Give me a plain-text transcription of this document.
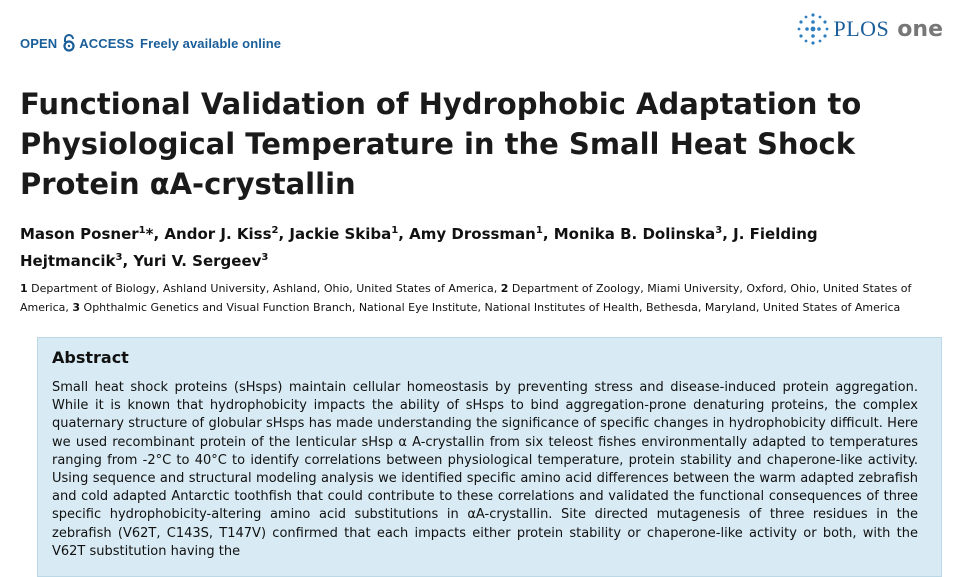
OPEN ACCESS Freely available online
PLOS one
Functional Validation of Hydrophobic Adaptation to Physiological Temperature in the Small Heat Shock Protein αA-crystallin
Mason Posner$^1$*, Andor J. Kiss$^2$, Jackie Skiba$^1$, Amy Drossman$^1$, Monika B. Dolinska$^3$, J. Fielding Hejtmancik$^3$, Yuri V. Sergeev$^3$
1 Department of Biology, Ashland University, Ashland, Ohio, United States of America, 2 Department of Zoology, Miami University, Oxford, Ohio, United States of America, 3 Ophthalmic Genetics and Visual Function Branch, National Eye Institute, National Institutes of Health, Bethesda, Maryland, United States of America
Abstract
Small heat shock proteins (sHsps) maintain cellular homeostasis by preventing stress and disease-induced protein aggregation. While it is known that hydrophobicity impacts the ability of sHsps to bind aggregation-prone denaturing proteins, the complex quaternary structure of globular sHsps has made understanding the significance of specific changes in hydrophobicity difficult. Here we used recombinant protein of the lenticular sHsp α A-crystallin from six teleost fishes environmentally adapted to temperatures ranging from -2°C to 40°C to identify correlations between physiological temperature, protein stability and chaperone-like activity. Using sequence and structural modeling analysis we identified specific amino acid differences between the warm adapted zebrafish and cold adapted Antarctic toothfish that could contribute to these correlations and validated the functional consequences of three specific hydrophobicity-altering amino acid substitutions in αA-crystallin. Site directed mutagenesis of three residues in the zebrafish (V62T, C143S, T147V) confirmed that each impacts either protein stability or chaperone-like activity or both, with the V62T substitution having the
